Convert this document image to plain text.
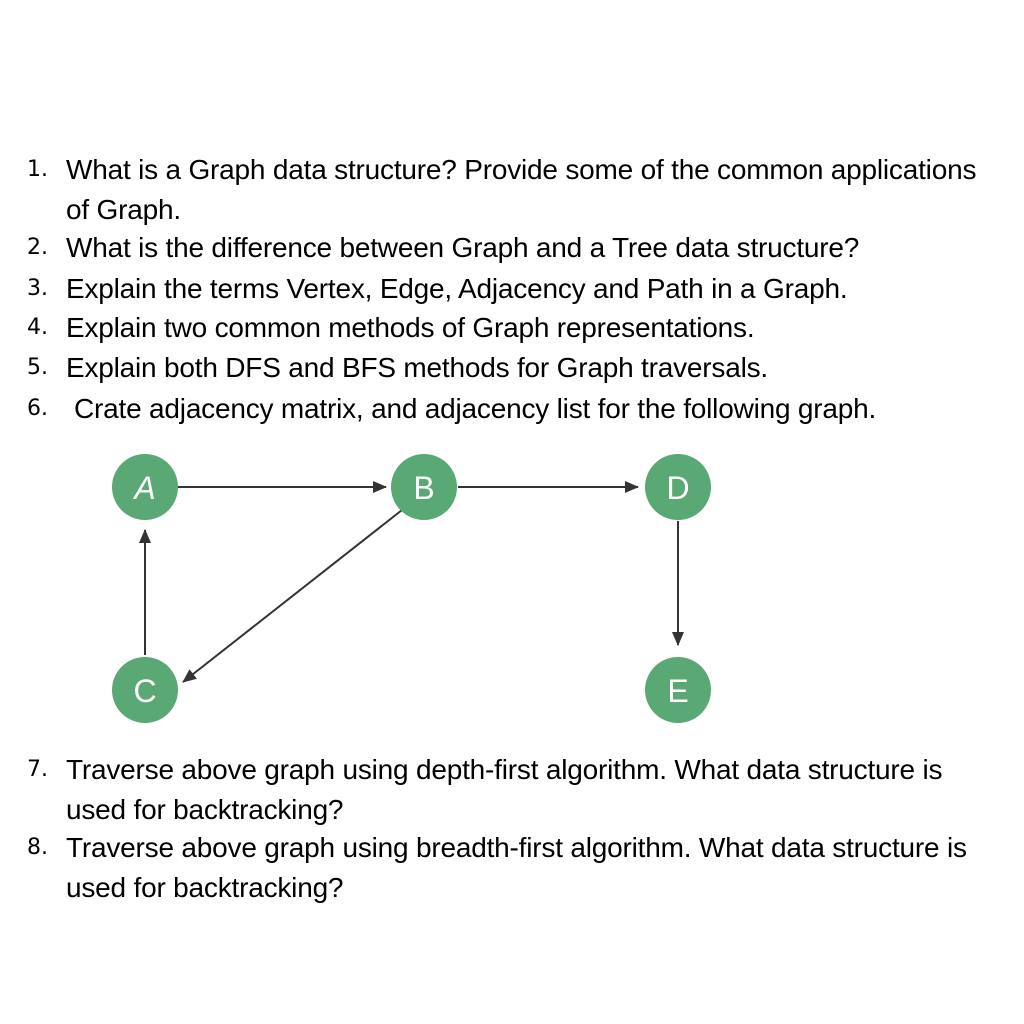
1. What is a Graph data structure? Provide some of the common applications of Graph.
2. What is the difference between Graph and a Tree data structure?
3. Explain the terms Vertex, Edge, Adjacency and Path in a Graph.
4. Explain two common methods of Graph representations.
5. Explain both DFS and BFS methods for Graph traversals.
6. Crate adjacency matrix, and adjacency list for the following graph.
A	B	D
C	E
7. Traverse above graph using depth-first algorithm. What data structure is used for backtracking?
8. Traverse above graph using breadth-first algorithm. What data structure is used for backtracking?
